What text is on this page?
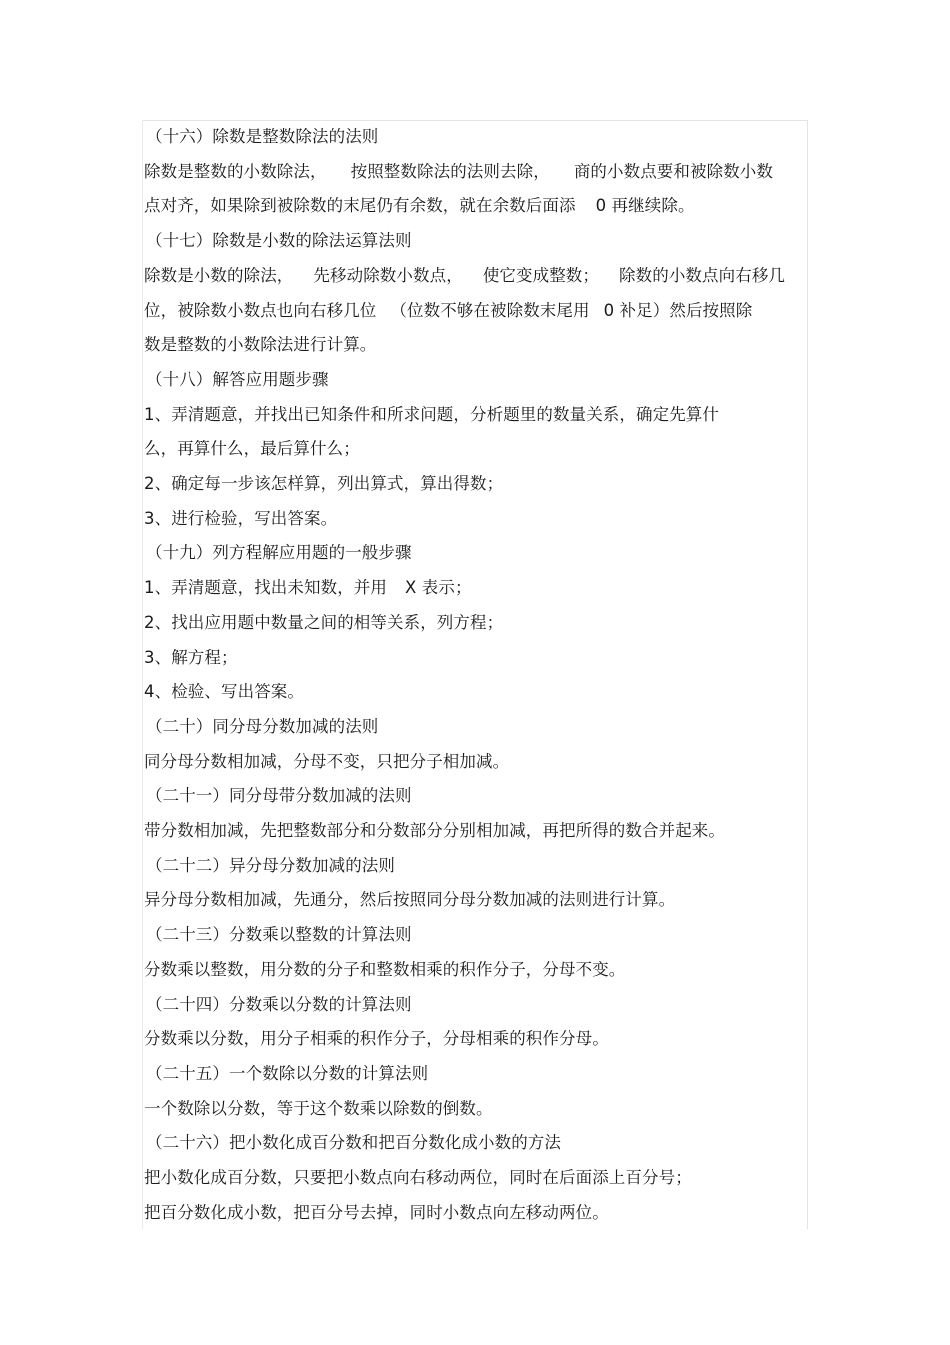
（十六）除数是整数除法的法则
除数是整数的小数除法， 按照整数除法的法则去除， 商的小数点要和被除数小数
点对齐，如果除到被除数的末尾仍有余数，就在余数后面添 0 再继续除。
（十七）除数是小数的除法运算法则
除数是小数的除法， 先移动除数小数点， 使它变成整数； 除数的小数点向右移几
位，被除数小数点也向右移几位 （位数不够在被除数末尾用 0 补足）然后按照除
数是整数的小数除法进行计算。
（十八）解答应用题步骤
1、弄清题意，并找出已知条件和所求问题，分析题里的数量关系，确定先算什
么，再算什么，最后算什么；
2、确定每一步该怎样算，列出算式，算出得数；
3、进行检验，写出答案。
（十九）列方程解应用题的一般步骤
1、弄清题意，找出未知数，并用 X 表示；
2、找出应用题中数量之间的相等关系，列方程；
3、解方程；
4、检验、写出答案。
（二十）同分母分数加减的法则
同分母分数相加减，分母不变，只把分子相加减。
（二十一）同分母带分数加减的法则
带分数相加减，先把整数部分和分数部分分别相加减，再把所得的数合并起来。
（二十二）异分母分数加减的法则
异分母分数相加减，先通分，然后按照同分母分数加减的法则进行计算。
（二十三）分数乘以整数的计算法则
分数乘以整数，用分数的分子和整数相乘的积作分子，分母不变。
（二十四）分数乘以分数的计算法则
分数乘以分数，用分子相乘的积作分子，分母相乘的积作分母。
（二十五）一个数除以分数的计算法则
一个数除以分数，等于这个数乘以除数的倒数。
（二十六）把小数化成百分数和把百分数化成小数的方法
把小数化成百分数，只要把小数点向右移动两位，同时在后面添上百分号；
把百分数化成小数，把百分号去掉，同时小数点向左移动两位。
